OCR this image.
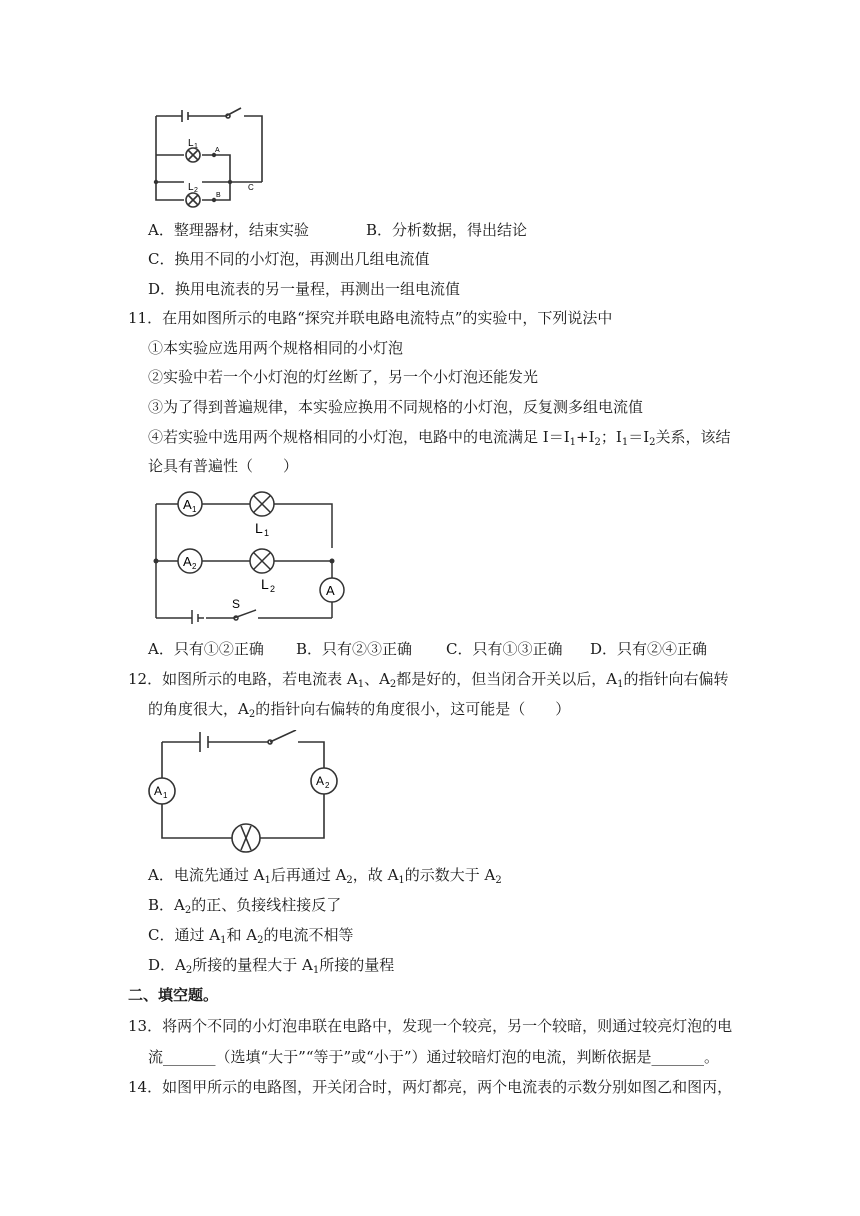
L 1
L 2
A
C
B
A．整理器材，结束实验	B．分析数据，得出结论
C．换用不同的小灯泡，再测出几组电流值
D．换用电流表的另一量程，再测出一组电流值
11．在用如图所示的电路“探究并联电路电流特点”的实验中，下列说法中
①本实验应选用两个规格相同的小灯泡
②实验中若一个小灯泡的灯丝断了，另一个小灯泡还能发光
③为了得到普遍规律，本实验应换用不同规格的小灯泡，反复测多组电流值
④若实验中选用两个规格相同的小灯泡，电路中的电流满足 $I=I_1+I_2$；$I_1=I_2$关系，该结
论具有普遍性（　　）
A 1
A 2
A
L 1
L 2
S
A．只有①②正确 B．只有②③正确 C．只有①③正确 D．只有②④正确
12．如图所示的电路，若电流表 $A_1$、$A_2$都是好的，但当闭合开关以后，$A_1$的指针向右偏转
的角度很大，$A_2$的指针向右偏转的角度很小，这可能是（　　）
A 1
A 2
A．电流先通过 $A_1$后再通过 $A_2$，故 $A_1$的示数大于 $A_2$
B．$A_2$的正、负接线柱接反了
C．通过 $A_1$和 $A_2$的电流不相等
D．$A_2$所接的量程大于 $A_1$所接的量程
二、填空题。
13．将两个不同的小灯泡串联在电路中，发现一个较亮，另一个较暗，则通过较亮灯泡的电
流_______（选填“大于”“等于”或“小于”）通过较暗灯泡的电流，判断依据是_______。
14．如图甲所示的电路图，开关闭合时，两灯都亮，两个电流表的示数分别如图乙和图丙，
